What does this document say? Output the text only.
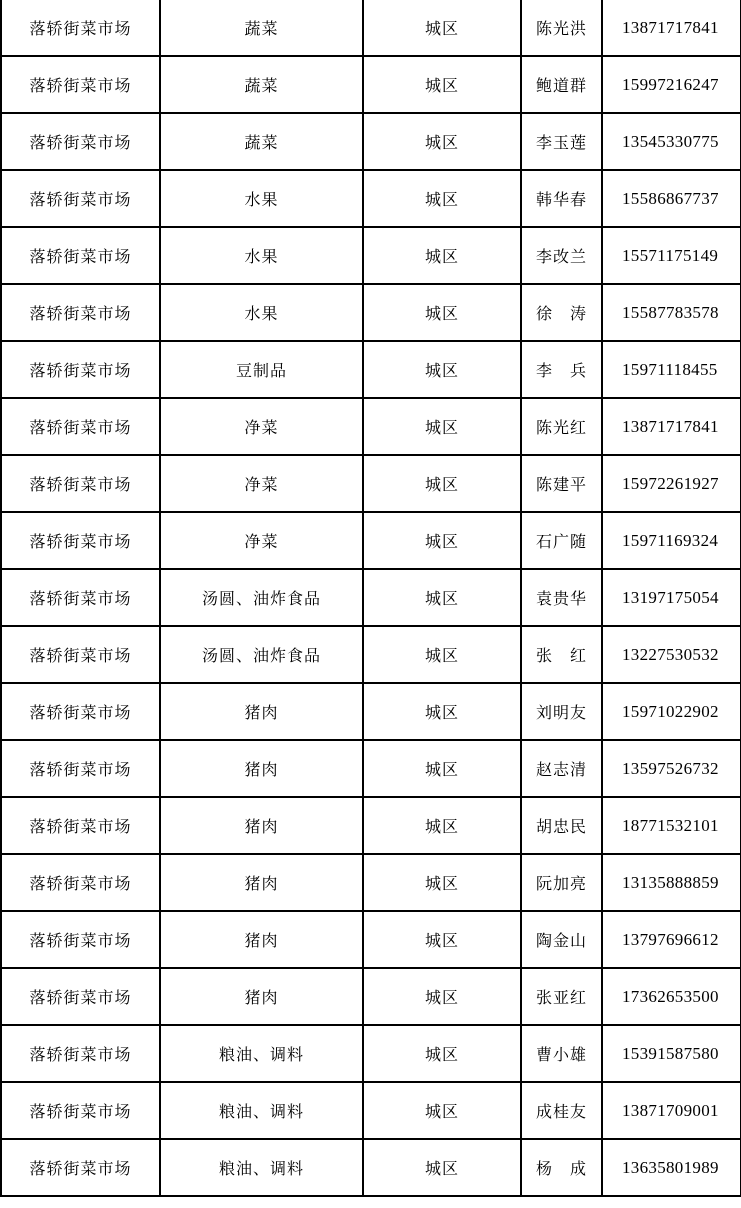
落轿街菜市场	蔬菜	城区	陈光洪	13871717841
落轿街菜市场	蔬菜	城区	鲍道群	15997216247
落轿街菜市场	蔬菜	城区	李玉莲	13545330775
落轿街菜市场	水果	城区	韩华春	15586867737
落轿街菜市场	水果	城区	李改兰	15571175149
落轿街菜市场	水果	城区	徐　涛	15587783578
落轿街菜市场	豆制品	城区	李　兵	15971118455
落轿街菜市场	净菜	城区	陈光红	13871717841
落轿街菜市场	净菜	城区	陈建平	15972261927
落轿街菜市场	净菜	城区	石广随	15971169324
落轿街菜市场	汤圆、油炸食品	城区	袁贵华	13197175054
落轿街菜市场	汤圆、油炸食品	城区	张　红	13227530532
落轿街菜市场	猪肉	城区	刘明友	15971022902
落轿街菜市场	猪肉	城区	赵志清	13597526732
落轿街菜市场	猪肉	城区	胡忠民	18771532101
落轿街菜市场	猪肉	城区	阮加亮	13135888859
落轿街菜市场	猪肉	城区	陶金山	13797696612
落轿街菜市场	猪肉	城区	张亚红	17362653500
落轿街菜市场	粮油、调料	城区	曹小雄	15391587580
落轿街菜市场	粮油、调料	城区	成桂友	13871709001
落轿街菜市场	粮油、调料	城区	杨　成	13635801989
